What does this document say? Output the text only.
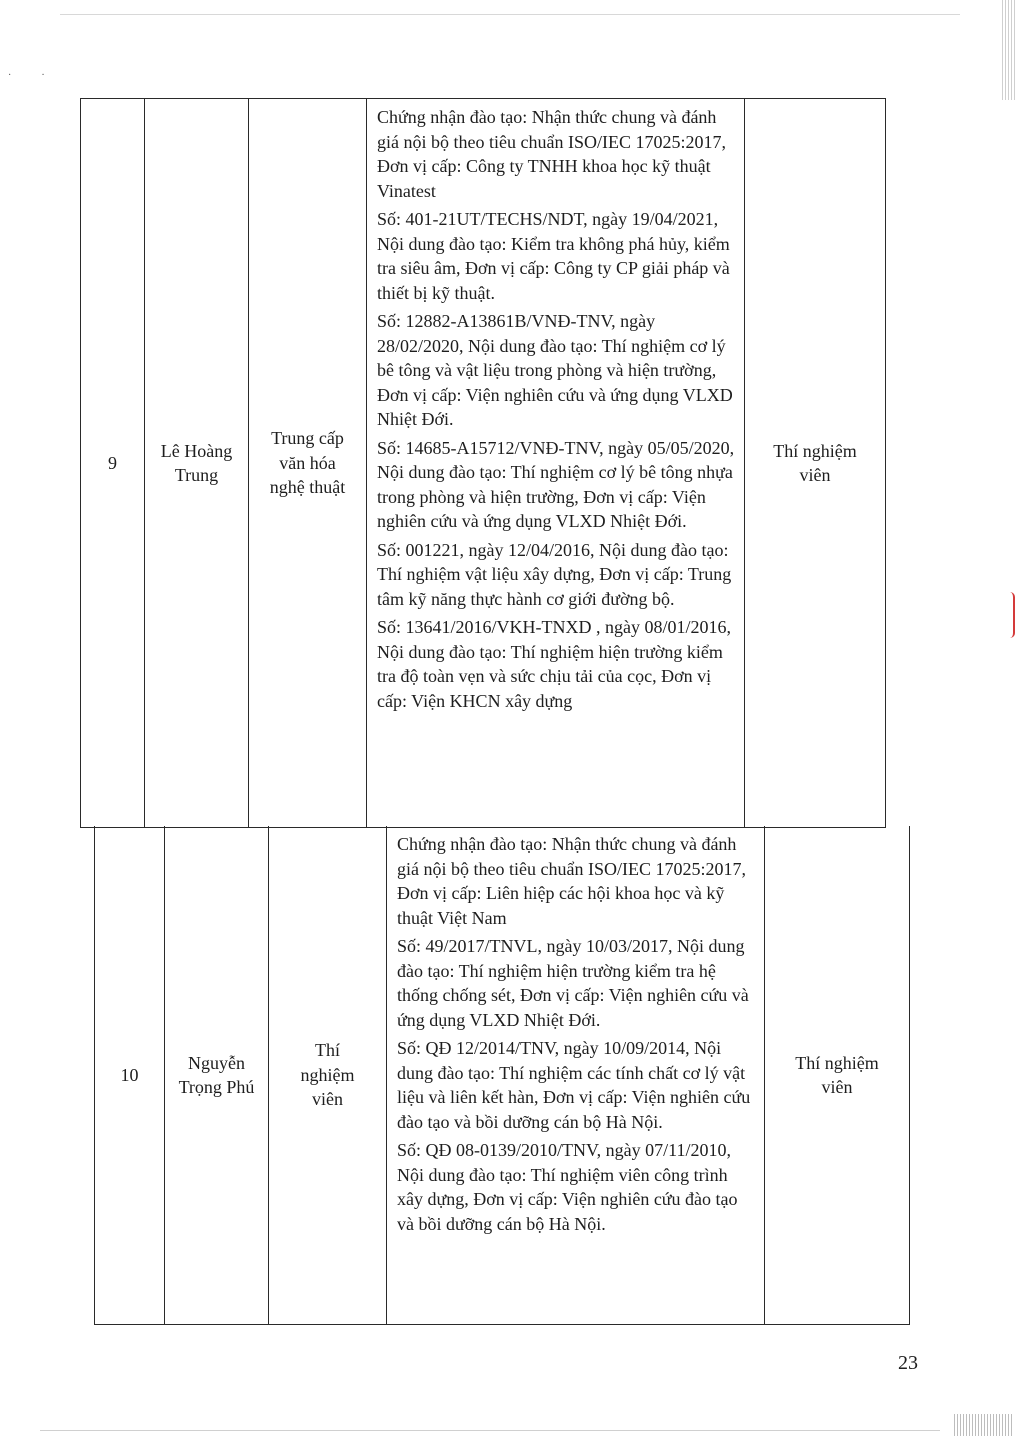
··
9
Lê Hoàng
Trung
Trung cấp
văn hóa
nghệ thuật

Chứng nhận đào tạo: Nhận thức chung và đánh giá nội bộ theo tiêu chuẩn ISO/IEC 17025:2017, Đơn vị cấp: Công ty TNHH khoa học kỹ thuật Vinatest

Số: 401-21UT/TECHS/NDT, ngày 19/04/2021, Nội dung đào tạo: Kiểm tra không phá hủy, kiểm tra siêu âm, Đơn vị cấp: Công ty CP giải pháp và thiết bị kỹ thuật.

Số: 12882-A13861B/VNĐ-TNV, ngày 28/02/2020, Nội dung đào tạo: Thí nghiệm cơ lý bê tông và vật liệu trong phòng và hiện trường, Đơn vị cấp: Viện nghiên cứu và ứng dụng VLXD Nhiệt Đới.

Số: 14685-A15712/VNĐ-TNV, ngày 05/05/2020, Nội dung đào tạo: Thí nghiệm cơ lý bê tông nhựa trong phòng và hiện trường, Đơn vị cấp: Viện nghiên cứu và ứng dụng VLXD Nhiệt Đới.

Số: 001221, ngày 12/04/2016, Nội dung đào tạo: Thí nghiệm vật liệu xây dựng, Đơn vị cấp: Trung tâm kỹ năng thực hành cơ giới đường bộ.

Số: 13641/2016/VKH-TNXD , ngày 08/01/2016, Nội dung đào tạo: Thí nghiệm hiện trường kiểm tra độ toàn vẹn và sức chịu tải của cọc, Đơn vị cấp: Viện KHCN xây dựng

Thí nghiệm
viên
10
Nguyễn
Trọng Phú
Thí
nghiệm
viên

Chứng nhận đào tạo: Nhận thức chung và đánh giá nội bộ theo tiêu chuẩn ISO/IEC 17025:2017, Đơn vị cấp: Liên hiệp các hội khoa học và kỹ thuật Việt Nam

Số: 49/2017/TNVL, ngày 10/03/2017, Nội dung đào tạo: Thí nghiệm hiện trường kiểm tra hệ thống chống sét, Đơn vị cấp: Viện nghiên cứu và ứng dụng VLXD Nhiệt Đới.

Số: QĐ 12/2014/TNV, ngày 10/09/2014, Nội dung đào tạo: Thí nghiệm các tính chất cơ lý vật liệu và liên kết hàn, Đơn vị cấp: Viện nghiên cứu đào tạo và bồi dưỡng cán bộ Hà Nội.

Số: QĐ 08-0139/2010/TNV, ngày 07/11/2010, Nội dung đào tạo: Thí nghiệm viên công trình xây dựng, Đơn vị cấp: Viện nghiên cứu đào tạo và bồi dưỡng cán bộ Hà Nội.

Thí nghiệm
viên
23
